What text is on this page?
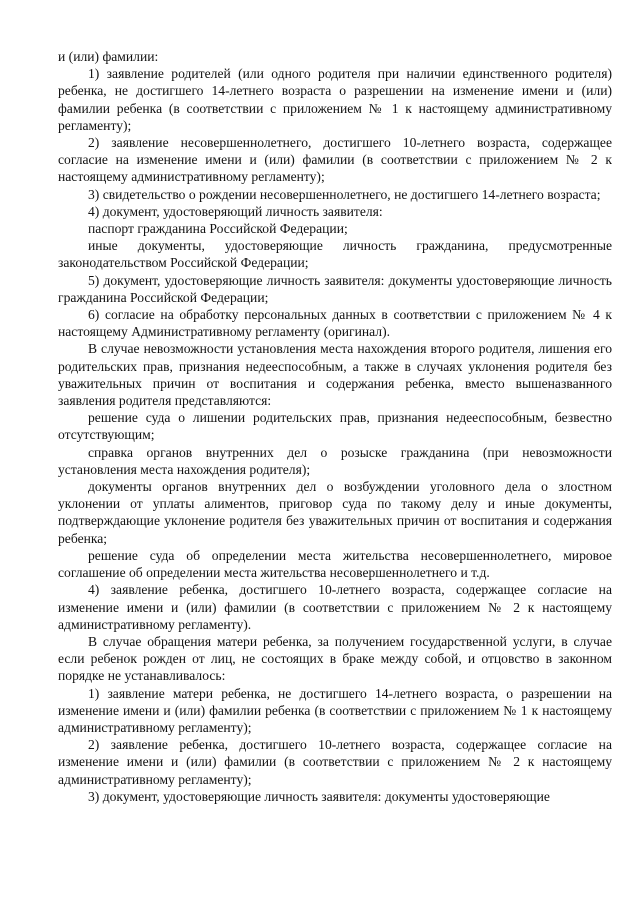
и (или) фамилии:

1) заявление родителей (или одного родителя при наличии единственного родителя) ребенка, не достигшего 14-летнего возраста о разрешении на изменение имени и (или) фамилии ребенка (в соответствии с приложением № 1 к настоящему административному регламенту);

2) заявление несовершеннолетнего, достигшего 10-летнего возраста, содержащее согласие на изменение имени и (или) фамилии (в соответствии с приложением № 2 к настоящему административному регламенту);

3) свидетельство о рождении несовершеннолетнего, не достигшего 14-летнего возраста;

4) документ, удостоверяющий личность заявителя:

паспорт гражданина Российской Федерации;

иные документы, удостоверяющие личность гражданина, предусмотренные законодательством Российской Федерации;

5) документ, удостоверяющие личность заявителя: документы удостоверяющие личность гражданина Российской Федерации;

6) согласие на обработку персональных данных в соответствии с приложением № 4 к настоящему Административному регламенту (оригинал).

В случае невозможности установления места нахождения второго родителя, лишения его родительских прав, признания недееспособным, а также в случаях уклонения родителя без уважительных причин от воспитания и содержания ребенка, вместо вышеназванного заявления родителя представляются:

решение суда о лишении родительских прав, признания недееспособным, безвестно отсутствующим;

справка органов внутренних дел о розыске гражданина (при невозможности установления места нахождения родителя);

документы органов внутренних дел о возбуждении уголовного дела о злостном уклонении от уплаты алиментов, приговор суда по такому делу и иные документы, подтверждающие уклонение родителя без уважительных причин от воспитания и содержания ребенка;

решение суда об определении места жительства несовершеннолетнего, мировое соглашение об определении места жительства несовершеннолетнего и т.д.

4) заявление ребенка, достигшего 10-летнего возраста, содержащее согласие на изменение имени и (или) фамилии (в соответствии с приложением № 2 к настоящему административному регламенту).

В случае обращения матери ребенка, за получением государственной услуги, в случае если ребенок рожден от лиц, не состоящих в браке между собой, и отцовство в законном порядке не устанавливалось:

1) заявление матери ребенка, не достигшего 14-летнего возраста, о разрешении на изменение имени и (или) фамилии ребенка (в соответствии с приложением № 1 к настоящему административному регламенту);

2) заявление ребенка, достигшего 10-летнего возраста, содержащее согласие на изменение имени и (или) фамилии (в соответствии с приложением № 2 к настоящему административному регламенту);

3) документ, удостоверяющие личность заявителя: документы удостоверяющие
